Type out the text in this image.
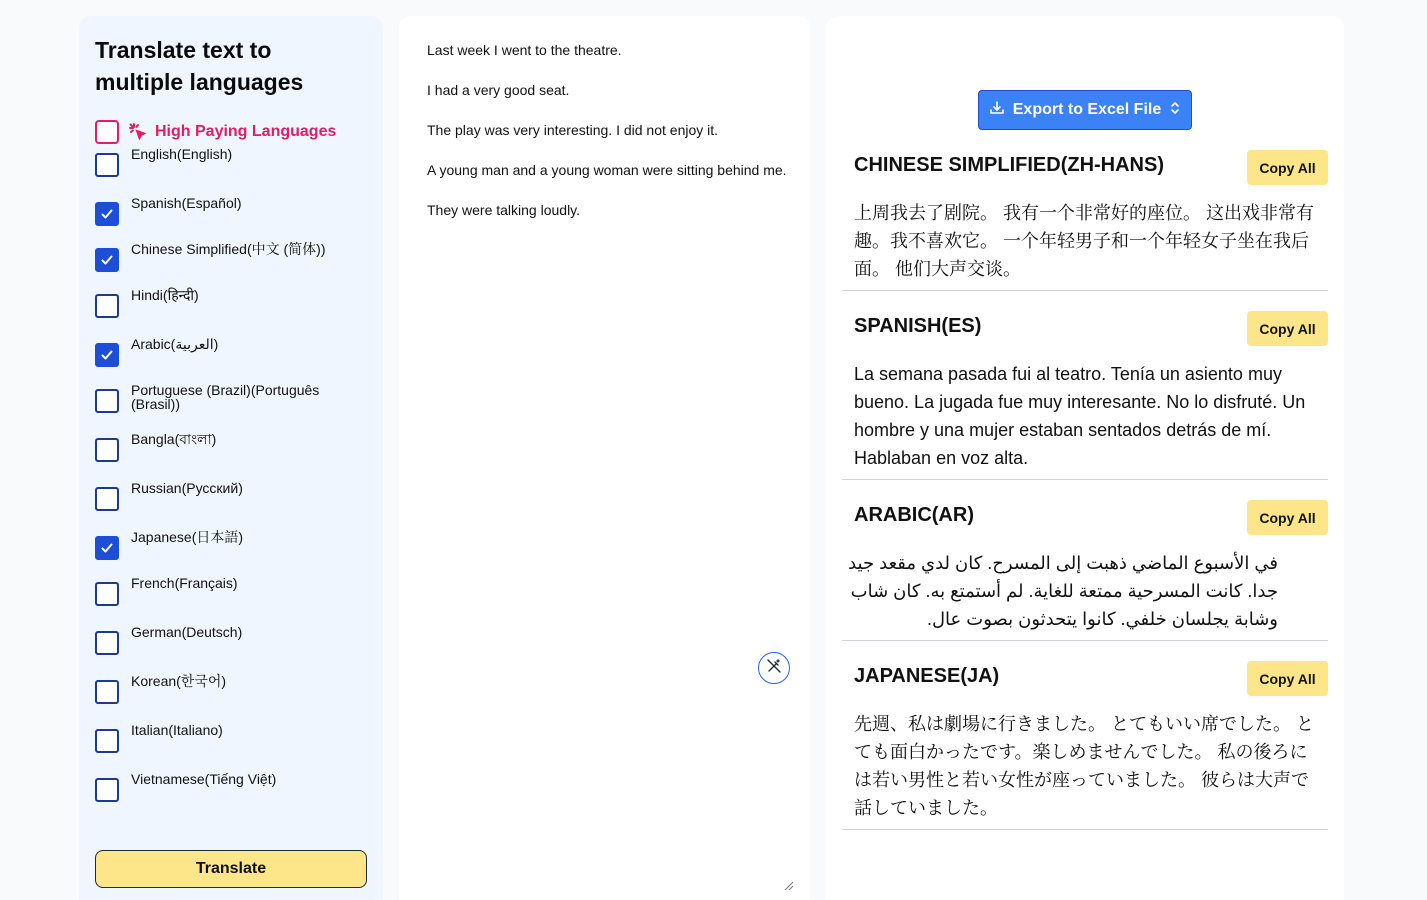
Translate text to multiple languages
High Paying Languages
English(English)
Spanish(Español)
Chinese Simplified(中文 (简体))
Hindi(हिन्दी)
Arabic(العربية)
Portuguese (Brazil)(Português (Brasil))
Bangla(বাংলা)
Russian(Русский)
Japanese(日本語)
French(Français)
German(Deutsch)
Korean(한국어)
Italian(Italiano)
Vietnamese(Tiếng Việt)
Translate

Last week I went to the theatre.

I had a very good seat.

The play was very interesting. I did not enjoy it.

A young man and a young woman were sitting behind me.

They were talking loudly.

Export to Excel File
CHINESE SIMPLIFIED(ZH-HANS)	Copy All
上周我去了剧院。 我有一个非常好的座位。 这出戏非常有趣。我不喜欢它。 一个年轻男子和一个年轻女子坐在我后面。 他们大声交谈。
SPANISH(ES)	Copy All
La semana pasada fui al teatro. Tenía un asiento muy bueno. La jugada fue muy interesante. No lo disfruté. Un hombre y una mujer estaban sentados detrás de mí. Hablaban en voz alta.
ARABIC(AR)	Copy All
في الأسبوع الماضي ذهبت إلى المسرح. كان لدي مقعد جيد جدا. كانت المسرحية ممتعة للغاية. لم أستمتع به. كان شاب وشابة يجلسان خلفي. كانوا يتحدثون بصوت عال.
JAPANESE(JA)	Copy All
先週、私は劇場に行きました。 とてもいい席でした。 とても面白かったです。楽しめませんでした。 私の後ろには若い男性と若い女性が座っていました。 彼らは大声で話していました。
